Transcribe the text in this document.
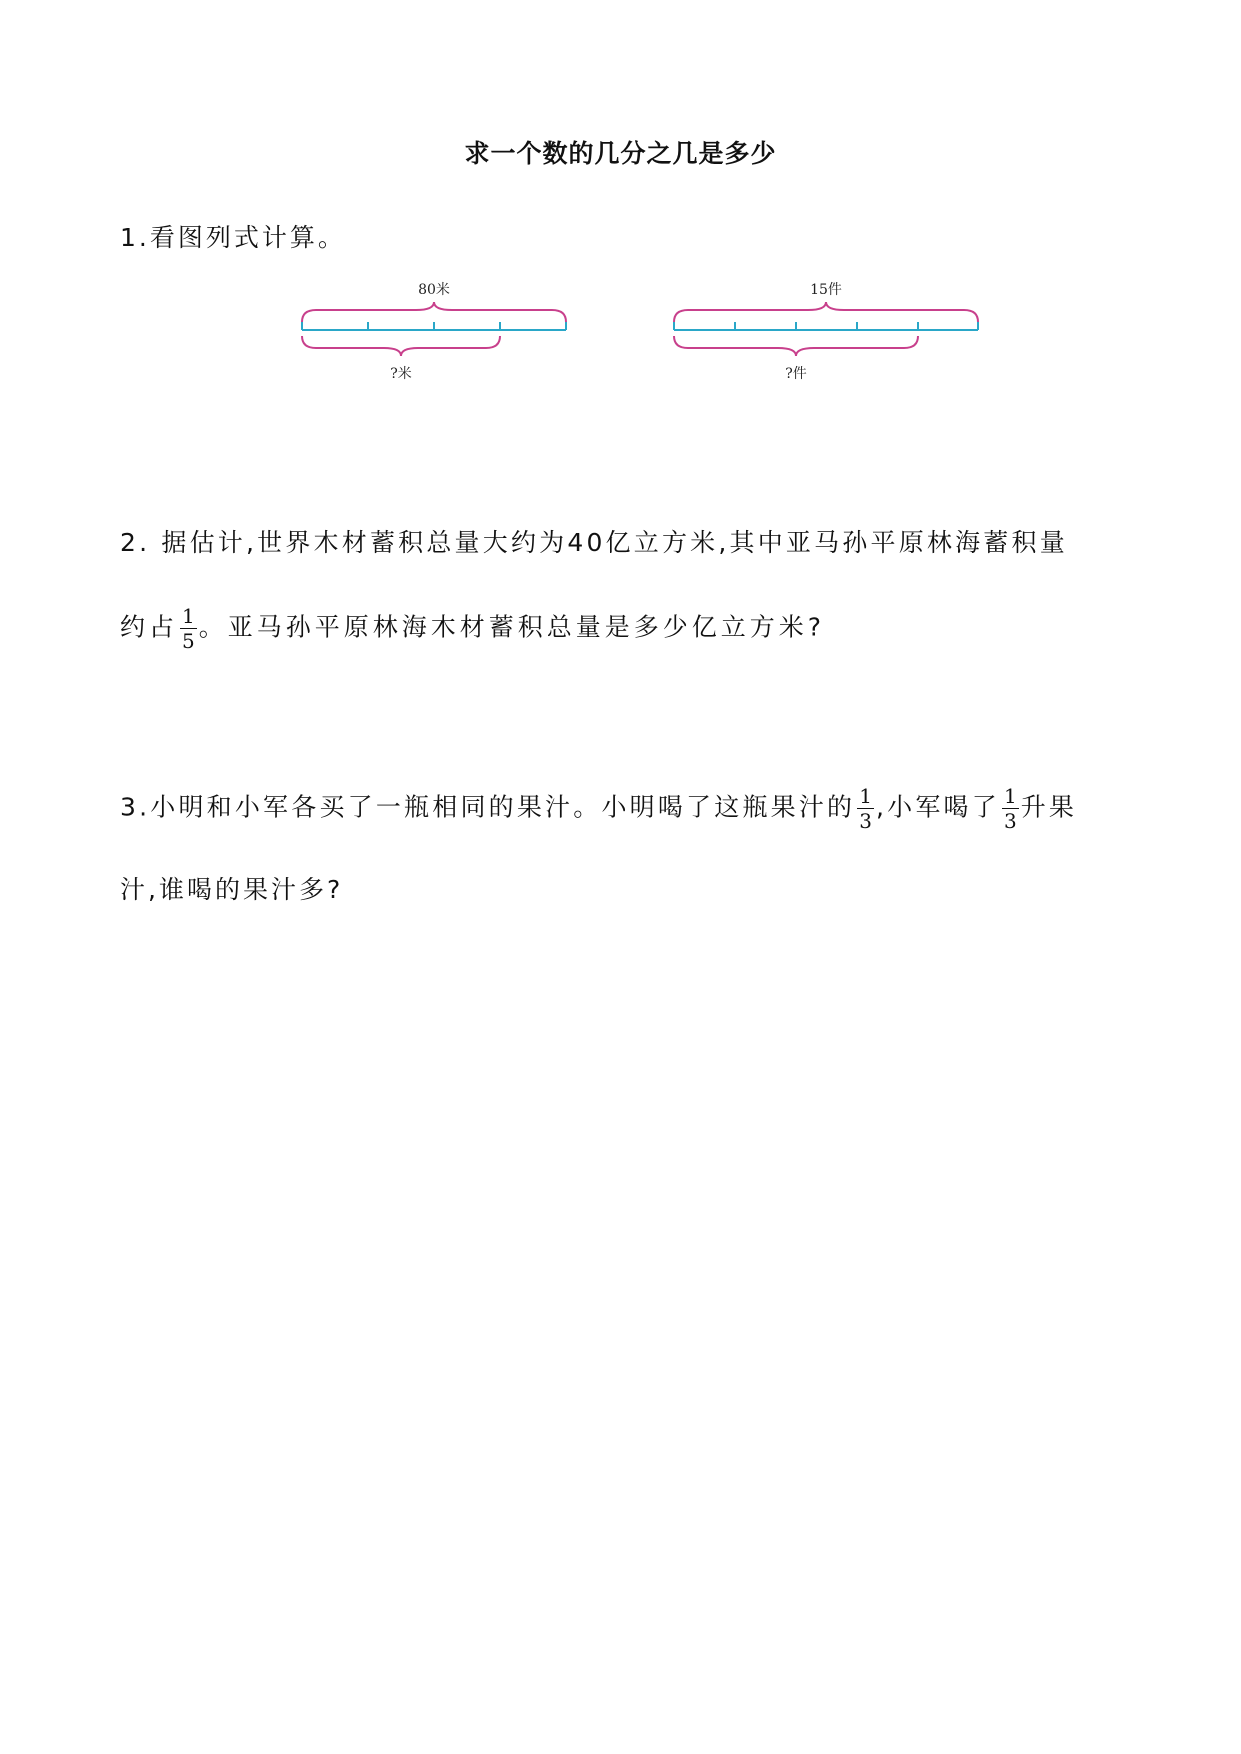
求一个数的几分之几是多少
1.看图列式计算。
80米
?米
15件
?件
2. 据估计,世界木材蓄积总量大约为40亿立方米,其中亚马孙平原林海蓄积量
约占 $\frac{1}{5}$ 。亚马孙平原林海木材蓄积总量是多少亿立方米?
3.小明和小军各买了一瓶相同的果汁。小明喝了这瓶果汁的 $\frac{1}{3}$ ,小军喝了 $\frac{1}{3}$ 升果
汁,谁喝的果汁多?
